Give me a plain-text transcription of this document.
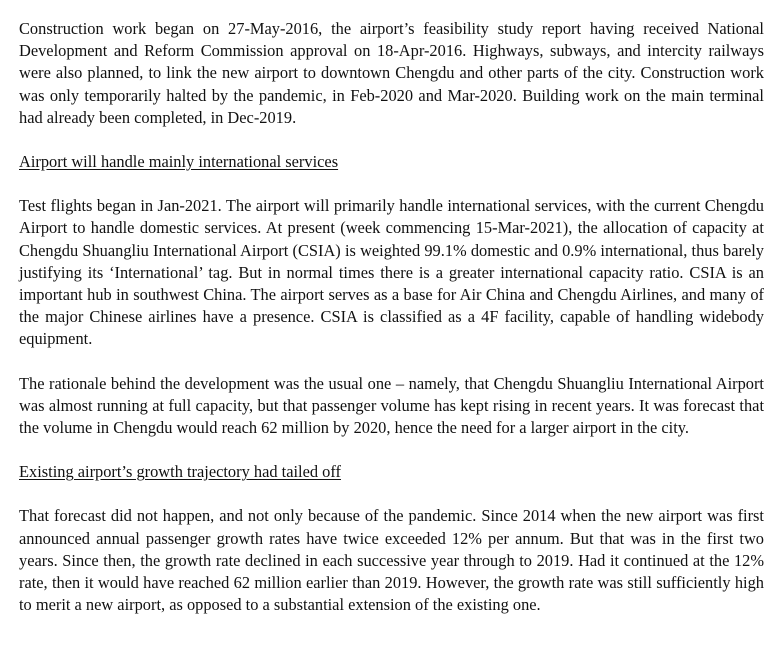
Construction work began on 27-May-2016, the airport’s feasibility study report having received National Development and Reform Commission approval on 18-Apr-2016. Highways, subways, and intercity railways were also planned, to link the new airport to downtown Chengdu and other parts of the city. Construction work was only temporarily halted by the pandemic, in Feb-2020 and Mar-2020. Building work on the main terminal had already been completed, in Dec-2019.

Airport will handle mainly international services

Test flights began in Jan-2021. The airport will primarily handle international services, with the current Chengdu Airport to handle domestic services. At present (week commencing 15-Mar-2021), the allocation of capacity at Chengdu Shuangliu International Airport (CSIA) is weighted 99.1% domestic and 0.9% international, thus barely justifying its ‘International’ tag. But in normal times there is a greater international capacity ratio. CSIA is an important hub in southwest China. The airport serves as a base for Air China and Chengdu Airlines, and many of the major Chinese airlines have a presence. CSIA is classified as a 4F facility, capable of handling widebody equipment.

The rationale behind the development was the usual one – namely, that Chengdu Shuangliu International Airport was almost running at full capacity, but that passenger volume has kept rising in recent years. It was forecast that the volume in Chengdu would reach 62 million by 2020, hence the need for a larger airport in the city.

Existing airport’s growth trajectory had tailed off

That forecast did not happen, and not only because of the pandemic. Since 2014 when the new airport was first announced annual passenger growth rates have twice exceeded 12% per annum. But that was in the first two years. Since then, the growth rate declined in each successive year through to 2019. Had it continued at the 12% rate, then it would have reached 62 million earlier than 2019. However, the growth rate was still sufficiently high to merit a new airport, as opposed to a substantial extension of the existing one.
